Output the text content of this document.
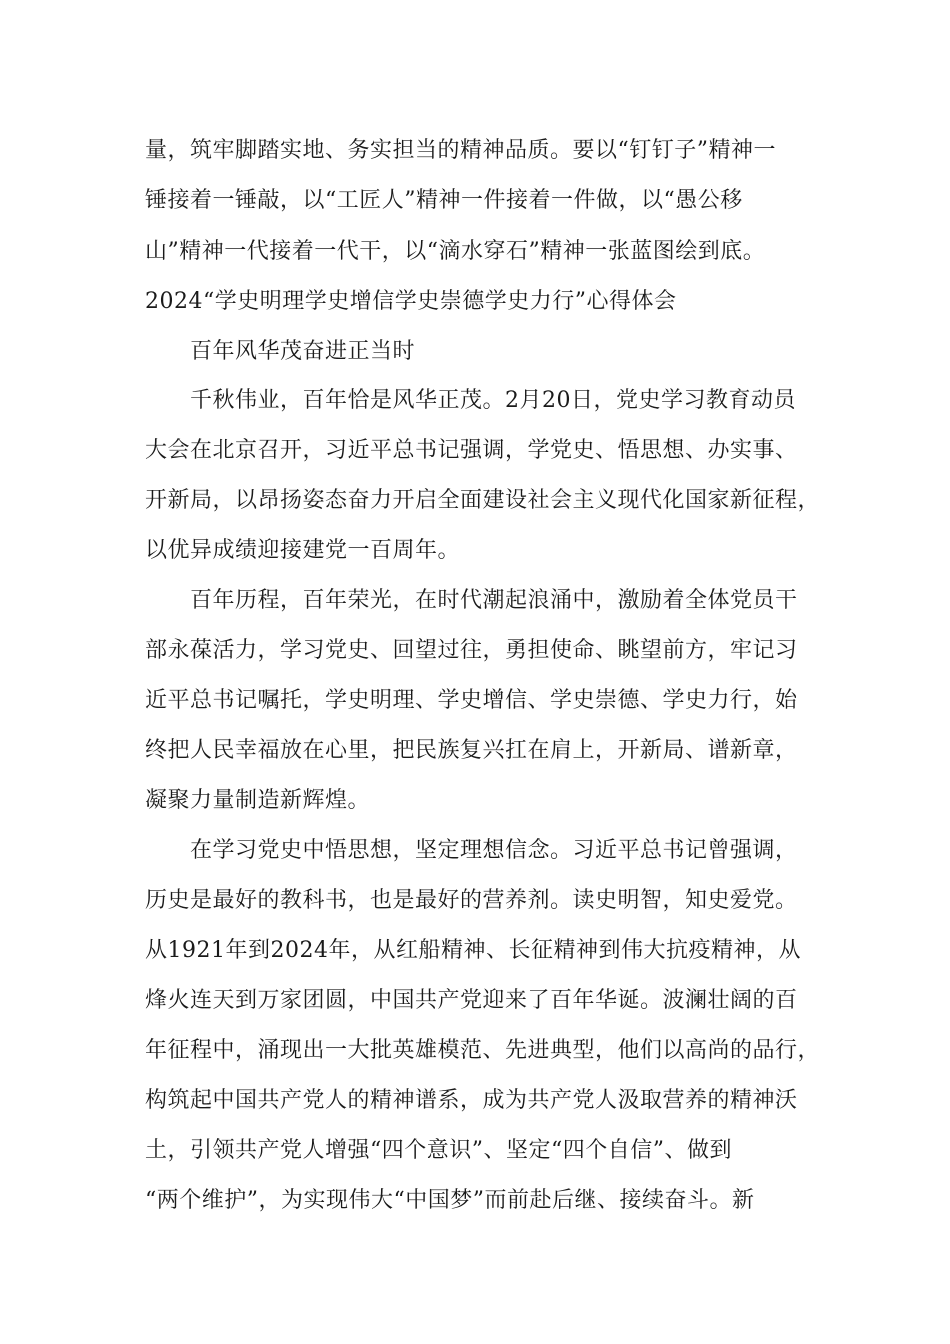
量，筑牢脚踏实地、务实担当的精神品质。要以“钉钉子”精神一
锤接着一锤敲，以“工匠人”精神一件接着一件做，以“愚公移
山”精神一代接着一代干，以“滴水穿石”精神一张蓝图绘到底。
2024“学史明理学史增信学史崇德学史力行”心得体会
百年风华茂奋进正当时
千秋伟业，百年恰是风华正茂。2月20日，党史学习教育动员
大会在北京召开，习近平总书记强调，学党史、悟思想、办实事、
开新局，以昂扬姿态奋力开启全面建设社会主义现代化国家新征程，
以优异成绩迎接建党一百周年。
百年历程，百年荣光，在时代潮起浪涌中，激励着全体党员干
部永葆活力，学习党史、回望过往，勇担使命、眺望前方，牢记习
近平总书记嘱托，学史明理、学史增信、学史崇德、学史力行，始
终把人民幸福放在心里，把民族复兴扛在肩上，开新局、谱新章，
凝聚力量制造新辉煌。
在学习党史中悟思想，坚定理想信念。习近平总书记曾强调，
历史是最好的教科书，也是最好的营养剂。读史明智，知史爱党。
从1921年到2024年，从红船精神、长征精神到伟大抗疫精神，从
烽火连天到万家团圆，中国共产党迎来了百年华诞。波澜壮阔的百
年征程中，涌现出一大批英雄模范、先进典型，他们以高尚的品行，
构筑起中国共产党人的精神谱系，成为共产党人汲取营养的精神沃
土，引领共产党人增强“四个意识”、坚定“四个自信”、做到
“两个维护”，为实现伟大“中国梦”而前赴后继、接续奋斗。新
